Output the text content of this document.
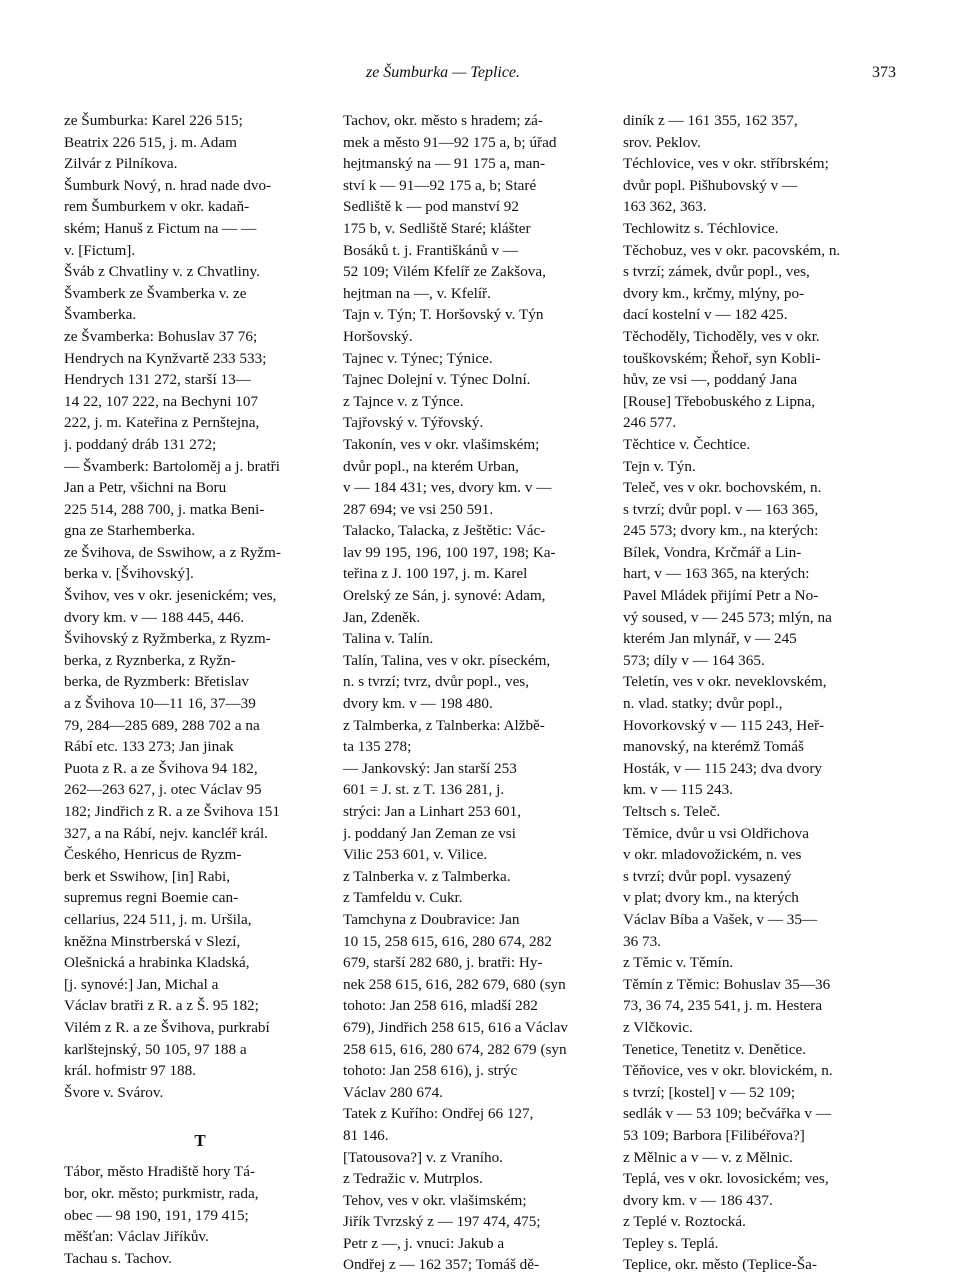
ze Šumburka — Teplice.	373
ze Šumburka: Karel 226 515;
Beatrix 226 515, j. m. Adam
Zilvár z Pilníkova.
Šumburk Nový, n. hrad nade dvo-
rem Šumburkem v okr. kadaň-
ském; Hanuš z Fictum na — —
v. [Fictum].
Šváb z Chvatliny v. z Chvatliny.
Švamberk ze Švamberka v. ze
Švamberka.
ze Švamberka: Bohuslav 37 76;
Hendrych na Kynžvartě 233 533;
Hendrych 131 272, starší 13—
14 22, 107 222, na Bechyni 107
222, j. m. Kateřina z Pernštejna,
j. poddaný dráb 131 272;
— Švamberk: Bartoloměj a j. bratři
Jan a Petr, všichni na Boru
225 514, 288 700, j. matka Beni-
gna ze Starhemberka.
ze Švihova, de Sswihow, a z Ryžm-
berka v. [Švihovský].
Švihov, ves v okr. jesenickém; ves,
dvory km. v — 188 445, 446.
Švihovský z Ryžmberka, z Ryzm-
berka, z Ryznberka, z Ryžn-
berka, de Ryzmberk: Břetislav
a z Švihova 10—11 16, 37—39
79, 284—285 689, 288 702 a na
Rábí etc. 133 273; Jan jinak
Puota z R. a ze Švihova 94 182,
262—263 627, j. otec Václav 95
182; Jindřich z R. a ze Švihova 151
327, a na Rábí, nejv. kancléř král.
Českého, Henricus de Ryzm-
berk et Sswihow, [in] Rabi,
supremus regni Boemie can-
cellarius, 224 511, j. m. Uršila,
kněžna Minstrberská v Slezí,
Olešnická a hrabinka Kladská,
[j. synové:] Jan, Michal a
Václav bratři z R. a z Š. 95 182;
Vilém z R. a ze Švihova, purkrabí
karlštejnský, 50 105, 97 188 a
král. hofmistr 97 188.
Švore v. Svárov.
T
Tábor, město Hradiště hory Tá-
bor, okr. město; purkmistr, rada,
obec — 98 190, 191, 179 415;
měšťan: Václav Jiříkův.
Tachau s. Tachov.
Tachov, okr. město s hradem; zá-
mek a město 91—92 175 a, b; úřad
hejtmanský na — 91 175 a, man-
ství k — 91—92 175 a, b; Staré
Sedliště k — pod manství 92
175 b, v. Sedliště Staré; klášter
Bosáků t. j. Františkánů v —
52 109; Vilém Kfelíř ze Zakšova,
hejtman na —, v. Kfelíř.
Tajn v. Týn; T. Horšovský v. Týn
Horšovský.
Tajnec v. Týnec; Týnice.
Tajnec Dolejní v. Týnec Dolní.
z Tajnce v. z Týnce.
Tajřovský v. Týřovský.
Takonín, ves v okr. vlašimském;
dvůr popl., na kterém Urban,
v — 184 431; ves, dvory km. v —
287 694; ve vsi 250 591.
Talacko, Talacka, z Ještětic: Vác-
lav 99 195, 196, 100 197, 198; Ka-
teřina z J. 100 197, j. m. Karel
Orelský ze Sán, j. synové: Adam,
Jan, Zdeněk.
Talina v. Talín.
Talín, Talina, ves v okr. píseckém,
n. s tvrzí; tvrz, dvůr popl., ves,
dvory km. v — 198 480.
z Talmberka, z Talnberka: Alžbě-
ta 135 278;
— Jankovský: Jan starší 253
601 = J. st. z T. 136 281, j.
strýci: Jan a Linhart 253 601,
j. poddaný Jan Zeman ze vsi
Vilic 253 601, v. Vilice.
z Talnberka v. z Talmberka.
z Tamfeldu v. Cukr.
Tamchyna z Doubravice: Jan
10 15, 258 615, 616, 280 674, 282
679, starší 282 680, j. bratři: Hy-
nek 258 615, 616, 282 679, 680 (syn
tohoto: Jan 258 616, mladší 282
679), Jindřich 258 615, 616 a Václav
258 615, 616, 280 674, 282 679 (syn
tohoto: Jan 258 616), j. strýc
Václav 280 674.
Tatek z Kuřího: Ondřej 66 127,
81 146.
[Tatousova?] v. z Vraního.
z Tedražic v. Mutrplos.
Tehov, ves v okr. vlašimském;
Jiřík Tvrzský z — 197 474, 475;
Petr z —, j. vnuci: Jakub a
Ondřej z — 162 357; Tomáš dě-
diník z — 161 355, 162 357,
srov. Peklov.
Téchlovice, ves v okr. stříbrském;
dvůr popl. Pišhubovský v —
163 362, 363.
Techlowitz s. Téchlovice.
Těchobuz, ves v okr. pacovském, n.
s tvrzí; zámek, dvůr popl., ves,
dvory km., krčmy, mlýny, po-
dací kostelní v — 182 425.
Těchoděly, Tichoděly, ves v okr.
touškovském; Řehoř, syn Kobli-
hův, ze vsi —, poddaný Jana
[Rouse] Třebobuského z Lipna,
246 577.
Těchtice v. Čechtice.
Tejn v. Týn.
Teleč, ves v okr. bochovském, n.
s tvrzí; dvůr popl. v — 163 365,
245 573; dvory km., na kterých:
Bílek, Vondra, Krčmář a Lin-
hart, v — 163 365, na kterých:
Pavel Mládek přijímí Petr a No-
vý soused, v — 245 573; mlýn, na
kterém Jan mlynář, v — 245
573; díly v — 164 365.
Teletín, ves v okr. neveklovském,
n. vlad. statky; dvůr popl.,
Hovorkovský v — 115 243, Heř-
manovský, na kterémž Tomáš
Hosták, v — 115 243; dva dvory
km. v — 115 243.
Teltsch s. Teleč.
Těmice, dvůr u vsi Oldřichova
v okr. mladovožickém, n. ves
s tvrzí; dvůr popl. vysazený
v plat; dvory km., na kterých
Václav Bíba a Vašek, v — 35—
36 73.
z Těmic v. Těmín.
Těmín z Těmic: Bohuslav 35—36
73, 36 74, 235 541, j. m. Hestera
z Vlčkovic.
Tenetice, Tenetitz v. Denětice.
Těňovice, ves v okr. blovickém, n.
s tvrzí; [kostel] v — 52 109;
sedlák v — 53 109; bečvářka v —
53 109; Barbora [Filibéřova?]
z Mělnic a v — v. z Mělnic.
Teplá, ves v okr. lovosickém; ves,
dvory km. v — 186 437.
z Teplé v. Roztocká.
Tepley s. Teplá.
Teplice, okr. město (Teplice-Ša-
